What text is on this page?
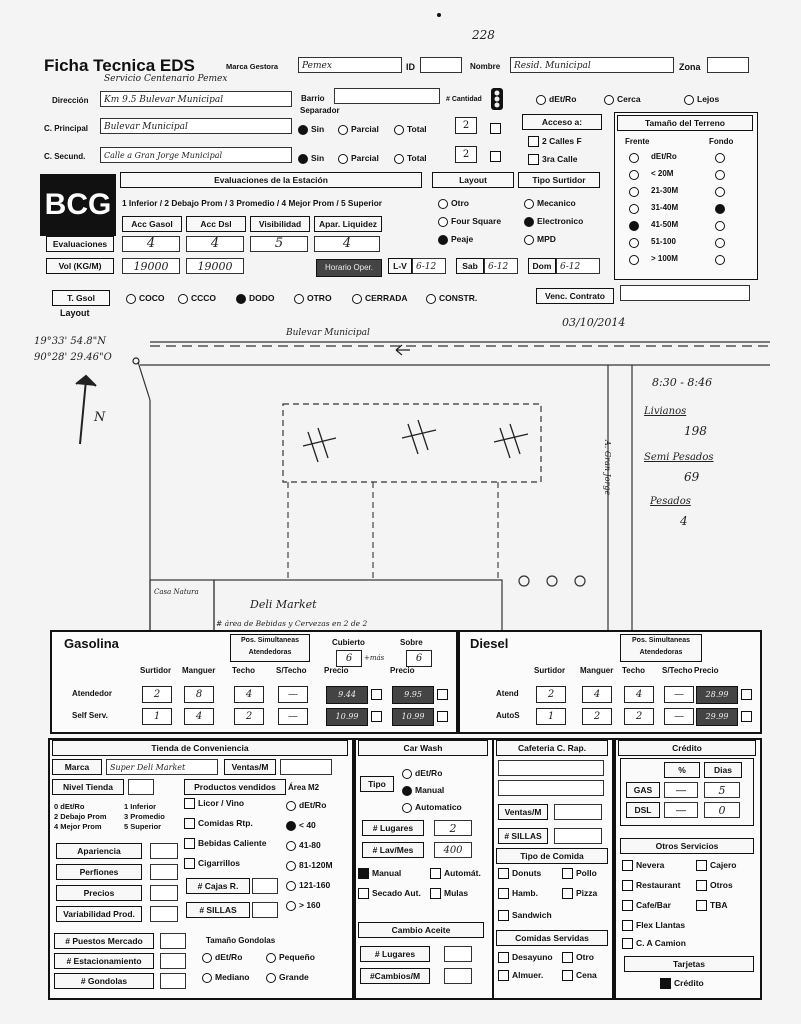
228
Ficha Tecnica EDS	Marca Gestora	Pemex
Servicio Centenario Pemex
ID	Nombre	Resid. Municipal	Zona
Dirección	Km 9.5 Bulevar Municipal	Barrio
Separador
# Cantidad	dEt/Ro	Cerca	Lejos
C. Principal	Bulevar Municipal	Sin	Parcial	Total	2
C. Secund.	Calle a Gran Jorge Municipal	Sin	Parcial	Total	2
Acceso a:
2 Calles F
3ra Calle
Tamaño del Terreno
Frente	Fondo
dEt/Ro
< 20M
21-30M
31-40M
41-50M
51-100
> 100M
BCG
Evaluaciones de la Estación
1 Inferior / 2 Debajo Prom / 3 Promedio / 4 Mejor Prom / 5 Superior
Acc Gasol	Acc Dsl	Visibilidad	Apar. Liquidez
Evaluaciones	4	4	5	4
Vol (KG/M)	19000	19000	Horario Oper.	L-V	6-12	Sab	6-12	Dom 6-12
Layout
Otro
Four Square
Peaje
Tipo Surtidor
Mecanico
Electronico
MPD
T. Gsol	COCO	CCCO	DODO	OTRO	CERRADA	CONSTR.	Venc. Contrato
Layout
19°33' 54.8"N
90°28' 29.46"O
03/10/2014
Bulevar Municipal
A. Gran Jorge
N
8:30 - 8:46
Livianos
198
Semi Pesados
69
Pesados
4
Casa Natura
Deli Market
# área de Bebidas y Cervezas en 2 de 2
Gasolina	Pos. Simultaneas Atendedoras
Cubierto
6	+más
Sobre
6
Surtidor Manguer Techo	S/Techo Precio	Precio
Atendedor	2	8	4	—	9.44	9.95
Self Serv.	1	4	2	—	10.99	10.99
Diesel	Pos. Simultaneas Atendedoras
Surtidor Manguer Techo S/Techo Precio
Atend	2	4	4	—	28.99
AutoS	1	2	2	—	29.99
Tienda de Conveniencia
Marca	Super Deli Market	Ventas/M
Nivel Tienda
0 dEt/Ro	1 Inferior
2 Debajo Prom 3 Promedio
4 Mejor Prom	5 Superior
Apariencia
Perfiones
Precios
Variabilidad Prod.
Productos vendidos	Área M2
Licor / Vino
Comidas Rtp.
Bebidas Caliente
Cigarrillos
dEt/Ro
< 40
41-80
81-120M
121-160
> 160
# Cajas R.
# SILLAS
# Puestos Mercado
# Estacionamiento
# Gondolas
Tamaño Gondolas
dEt/Ro	Pequeño
Mediano	Grande
Car Wash
Tipo
dEt/Ro
Manual
Automatico
# Lugares	2
# Lav/Mes	400
Manual	Automát.
Secado Aut.	Mulas
Cambio Aceite
# Lugares
#Cambios/M
Cafeteria C. Rap.
Ventas/M
# SILLAS
Tipo de Comida
Donuts	Pollo
Hamb.	Pizza
Sandwich
Comidas Servidas
Desayuno	Otro
Almuer.	Cena
Crédito
%	Dias
GAS	—	5
DSL	—	0
Otros Servicios
Nevera	Cajero
Restaurant	Otros
Cafe/Bar	TBA
Flex Llantas
C. A Camion
Tarjetas
Crédito
